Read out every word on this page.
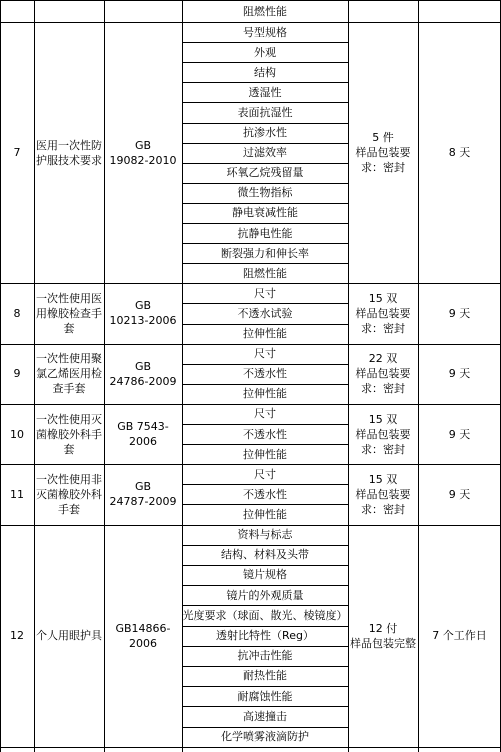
阻燃性能
7
医用一次性防
护服技术要求
GB
19082-2010
号型规格
外观
结构
透湿性
表面抗湿性
抗渗水性
过滤效率
环氧乙烷残留量
微生物指标
静电衰减性能
抗静电性能
断裂强力和伸长率
阻燃性能
5 件
样品包装要
求：密封
8 天
8
一次性使用医
用橡胶检查手
套
GB
10213-2006
尺寸
不透水试验
拉伸性能
15 双
样品包装要
求：密封
9 天
9
一次性使用聚
氯乙烯医用检
查手套
GB
24786-2009
尺寸
不透水性
拉伸性能
22 双
样品包装要
求：密封
9 天
10
一次性使用灭
菌橡胶外科手
套
GB 7543-2006
尺寸
不透水性
拉伸性能
15 双
样品包装要
求：密封
9 天
11
一次性使用非
灭菌橡胶外科
手套
GB
24787-2009
尺寸
不透水性
拉伸性能
15 双
样品包装要
求：密封
9 天
12	个人用眼护具
GB14866-2006
资料与标志
结构、材料及头带
镜片规格
镜片的外观质量
光度要求（球面、散光、棱镜度）
透射比特性（Reg）
抗冲击性能
耐热性能
耐腐蚀性能
高速撞击
化学喷雾液滴防护
12 付
样品包装完整
7 个工作日
